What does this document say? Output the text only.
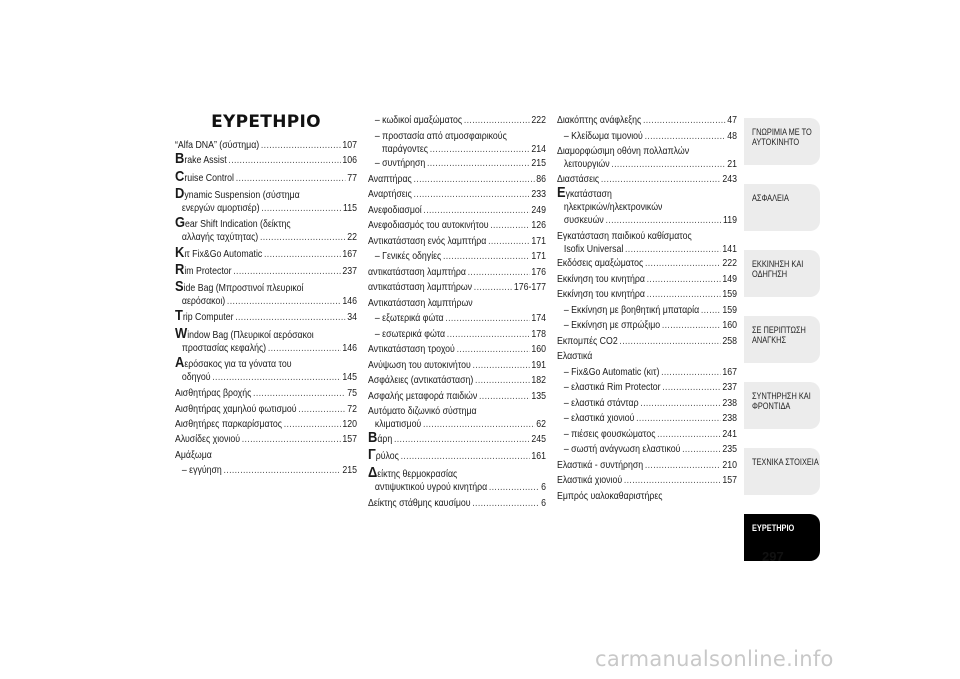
ΕΥΡΕΤΗΡΙΟ
“Alfa DNA” (σύστημα) .....	107
Brake Assist .....	106
Cruise Control .....	77
Dynamic Suspension (σύστημα
ενεργών αμορτισέρ) .....	115
Gear Shift Indication (δείκτης
αλλαγής ταχύτητας) .....	22
Kιτ Fix&Go Automatic .....	167
Rim Protector .....	237
Side Bag (Μπροστινοί πλευρικοί
αερόσακοι) .....	146
Trip Computer .....	34
Window Bag (Πλευρικοί αερόσακοι
προστασίας κεφαλής) .....	146
Αερόσακος για τα γόνατα του
οδηγού .....	145
Αισθητήρας βροχής .....	75
Αισθητήρας χαμηλού φωτισμού .....	72
Αισθητήρες παρκαρίσματος .....	120
Αλυσίδες χιονιού .....	157
Αμάξωμα
– εγγύηση .....	215
– κωδικοί αμαξώματος .....	222
– προστασία από ατμοσφαιρικούς
παράγοντες .....	214
– συντήρηση .....	215
Αναπτήρας .....	86
Αναρτήσεις .....	233
Ανεφοδιασμοί .....	249
Ανεφοδιασμός του αυτοκινήτου .....	126
Αντικατάσταση ενός λαμπτήρα .....	171
– Γενικές οδηγίες .....	171
αντικατάσταση λαμπτήρα .....	176
αντικατάσταση λαμπτήρων .....	176-177
Αντικατάσταση λαμπτήρων
– εξωτερικά φώτα .....	174
– εσωτερικά φώτα .....	178
Αντικατάσταση τροχού .....	160
Ανύψωση του αυτοκινήτου .....	191
Ασφάλειες (αντικατάσταση) .....	182
Ασφαλής μεταφορά παιδιών .....	135
Αυτόματο διζωνικό σύστημα
κλιματισμού .....	62
Βάρη .....	245
Γρύλος .....	161
Δείκτης θερμοκρασίας
αντιψυκτικού υγρού κινητήρα .....	6
Δείκτης στάθμης καυσίμου .....	6
Διακόπτης ανάφλεξης .....	47
– Κλείδωμα τιμονιού .....	48
Διαμορφώσιμη οθόνη πολλαπλών
λειτουργιών .....	21
Διαστάσεις .....	243
Εγκατάσταση
ηλεκτρικών/ηλεκτρονικών
συσκευών .....	119
Εγκατάσταση παιδικού καθίσματος
Isofix Universal .....	141
Εκδόσεις αμαξώματος .....	222
Εκκίνηση του κινητήρα .....	149
Εκκίνηση του κινητήρα .....	159
– Εκκίνηση με βοηθητική μπαταρία ..... 159
– Εκκίνηση με σπρώξιμο .....	160
Εκπομπές CO2 .....	258
Ελαστικά
– Fix&Go Automatic (κιτ) .....	167
– ελαστικά Rim Protector .....	237
– ελαστικά στάνταρ .....	238
– ελαστικά χιονιού .....	238
– πιέσεις φουσκώματος .....	241
– σωστή ανάγνωση ελαστικού .....	235
Ελαστικά - συντήρηση .....	210
Ελαστικά χιονιού .....	157
Εμπρός υαλοκαθαριστήρες
ΓΝΩΡΙΜΙΑ ΜΕ ΤΟ ΑΥΤΟΚΙΝΗΤΟ
ΑΣΦΑΛΕΙΑ
ΕΚΚΙΝΗΣΗ ΚΑΙ ΟΔΗΓΗΣΗ
ΣΕ ΠΕΡΙΠΤΩΣΗ ΑΝΑΓΚΗΣ
ΣΥΝΤΗΡΗΣΗ ΚΑΙ ΦΡΟΝΤΙΔΑ
ΤΕΧΝΙΚΑ ΣΤΟΙΧΕΙΑ
ΕΥΡΕΤΗΡΙΟ
297
carmanualsonline.info
